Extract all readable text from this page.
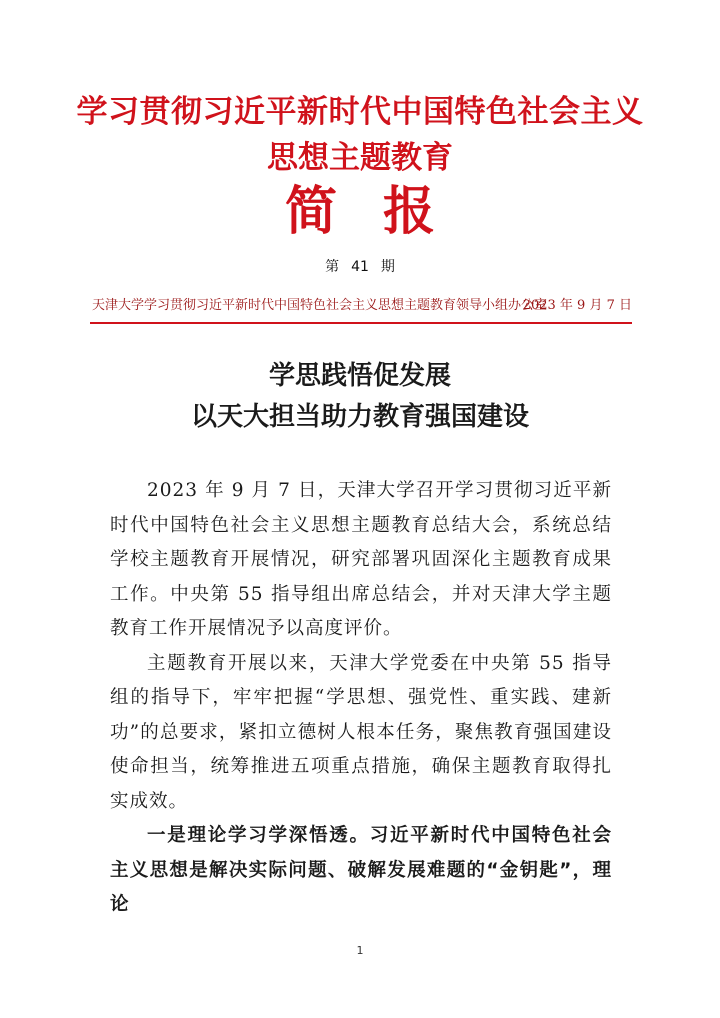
学习贯彻习近平新时代中国特色社会主义
思想主题教育
简报
第 41 期
天津大学学习贯彻习近平新时代中国特色社会主义思想主题教育领导小组办公室
2023 年 9 月 7 日
学思践悟促发展
以天大担当助力教育强国建设

2023 年 9 月 7 日，天津大学召开学习贯彻习近平新时代中国特色社会主义思想主题教育总结大会，系统总结学校主题教育开展情况，研究部署巩固深化主题教育成果工作。中央第 55 指导组出席总结会，并对天津大学主题教育工作开展情况予以高度评价。

主题教育开展以来，天津大学党委在中央第 55 指导组的指导下，牢牢把握“学思想、强党性、重实践、建新功”的总要求，紧扣立德树人根本任务，聚焦教育强国建设使命担当，统筹推进五项重点措施，确保主题教育取得扎实成效。

一是理论学习学深悟透。习近平新时代中国特色社会主义思想是解决实际问题、破解发展难题的“金钥匙”，理论

1
